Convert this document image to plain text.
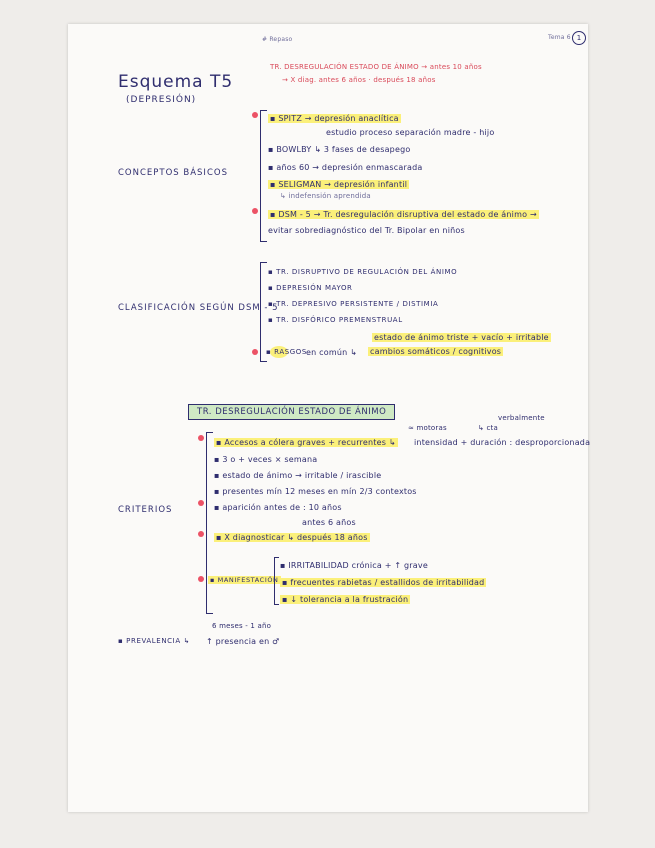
# Repaso	Tema 6 1
Esquema T5
(DEPRESIÓN)
TR. DESREGULACIÓN ESTADO DE ÁNIMO → antes 10 años
→ X diag. antes 6 años · después 18 años
CONCEPTOS BÁSICOS
▪ SPITZ → depresión anaclítica
estudio proceso separación madre - hijo
▪ BOWLBY ↳ 3 fases de desapego
▪ años 60 → depresión enmascarada
▪ SELIGMAN → depresión infantil
↳ indefensión aprendida
▪ DSM - 5 → Tr. desregulación disruptiva del estado de ánimo →
evitar sobrediagnóstico del Tr. Bipolar en niños
CLASIFICACIÓN SEGÚN DSM - 5
▪ TR. DISRUPTIVO DE REGULACIÓN DEL ÁNIMO
▪ DEPRESIÓN MAYOR
▪ TR. DEPRESIVO PERSISTENTE / DISTIMIA
▪ TR. DISFÓRICO PREMENSTRUAL
▪ RASGOS en común ↳
estado de ánimo triste + vacío + irritable
cambios somáticos / cognitivos
TR. DESREGULACIÓN ESTADO DE ÁNIMO
verbalmente
↳ cta
≈ motoras
CRITERIOS
▪ Accesos a cólera graves + recurrentes ↳ intensidad + duración : desproporcionada
▪ 3 o + veces × semana
▪ estado de ánimo → irritable / irascible
▪ presentes mín 12 meses en mín 2/3 contextos
▪ aparición antes de : 10 años
antes 6 años
▪ X diagnosticar ↳ después 18 años
▪ MANIFESTACIÓN
▪ IRRITABILIDAD crónica + ↑ grave
▪ frecuentes rabietas / estallidos de irritabilidad
▪ ↓ tolerancia a la frustración
6 meses - 1 año
▪ PREVALENCIA ↳ ↑ presencia en ♂
